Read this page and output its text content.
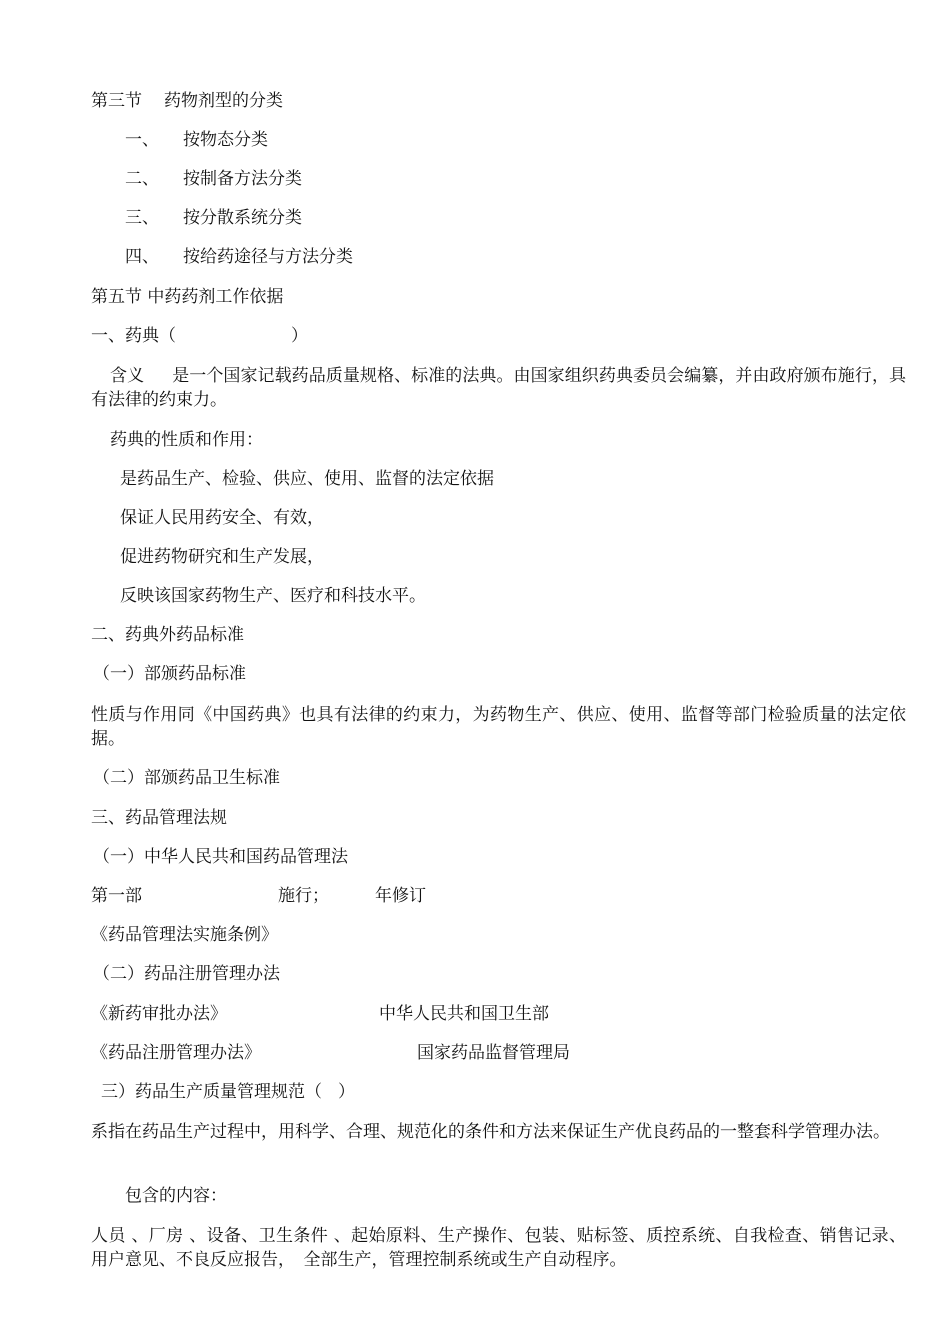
第三节 药物剂型的分类
一、 按物态分类
二、 按制备方法分类
三、 按分散系统分类
四、 按给药途径与方法分类
第五节 中药药剂工作依据
一、药典（	）
含义 是一个国家记载药品质量规格、标准的法典。由国家组织药典委员会编纂，并由政府颁布施行，具有法律的约束力。
药典的性质和作用：
是药品生产、检验、供应、使用、监督的法定依据
保证人民用药安全、有效，
促进药物研究和生产发展，
反映该国家药物生产、医疗和科技水平。
二、药典外药品标准
（一）部颁药品标准
性质与作用同《中国药典》也具有法律的约束力，为药物生产、供应、使用、监督等部门检验质量的法定依据。
（二）部颁药品卫生标准
三、药品管理法规
（一）中华人民共和国药品管理法
第一部	施行；	年修订
《药品管理法实施条例》
（二）药品注册管理办法
《新药审批办法》	中华人民共和国卫生部
《药品注册管理办法》	国家药品监督管理局
三）药品生产质量管理规范（ ）
系指在药品生产过程中，用科学、合理、规范化的条件和方法来保证生产优良药品的一整套科学管理办法。
包含的内容：
人员 、厂房 、设备、卫生条件 、起始原料、生产操作、包装、贴标签、质控系统、自我检查、销售记录、用户意见、不良反应报告，　全部生产，管理控制系统或生产自动程序。
